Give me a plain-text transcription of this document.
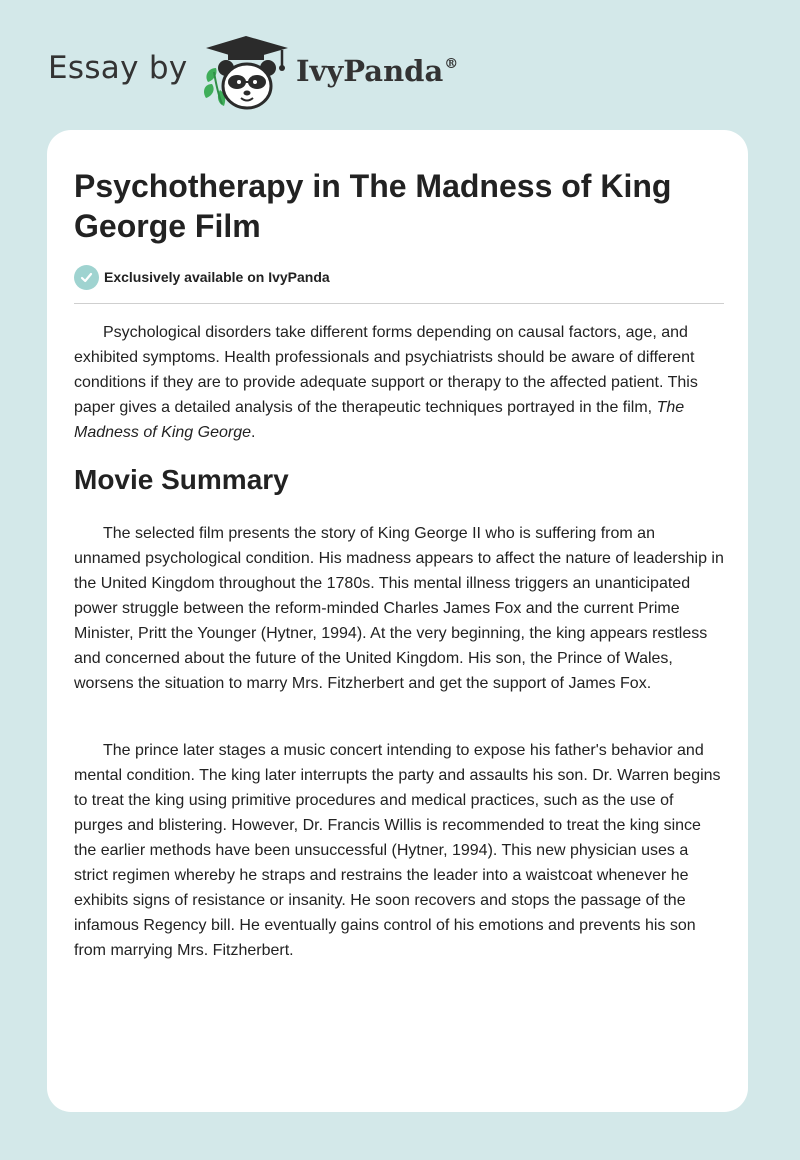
Essay by	IvyPanda®
Psychotherapy in The Madness of King George Film
Exclusively available on IvyPanda

Psychological disorders take different forms depending on causal factors, age, and exhibited symptoms. Health professionals and psychiatrists should be aware of different conditions if they are to provide adequate support or therapy to the affected patient. This paper gives a detailed analysis of the therapeutic techniques portrayed in the film, The Madness of King George.

Movie Summary

The selected film presents the story of King George II who is suffering from an unnamed psychological condition. His madness appears to affect the nature of leadership in the United Kingdom throughout the 1780s. This mental illness triggers an unanticipated power struggle between the reform-minded Charles James Fox and the current Prime Minister, Pritt the Younger (Hytner, 1994). At the very beginning, the king appears restless and concerned about the future of the United Kingdom. His son, the Prince of Wales, worsens the situation to marry Mrs. Fitzherbert and get the support of James Fox.

The prince later stages a music concert intending to expose his father's behavior and mental condition. The king later interrupts the party and assaults his son. Dr. Warren begins to treat the king using primitive procedures and medical practices, such as the use of purges and blistering. However, Dr. Francis Willis is recommended to treat the king since the earlier methods have been unsuccessful (Hytner, 1994). This new physician uses a strict regimen whereby he straps and restrains the leader into a waistcoat whenever he exhibits signs of resistance or insanity. He soon recovers and stops the passage of the infamous Regency bill. He eventually gains control of his emotions and prevents his son from marrying Mrs. Fitzherbert.
